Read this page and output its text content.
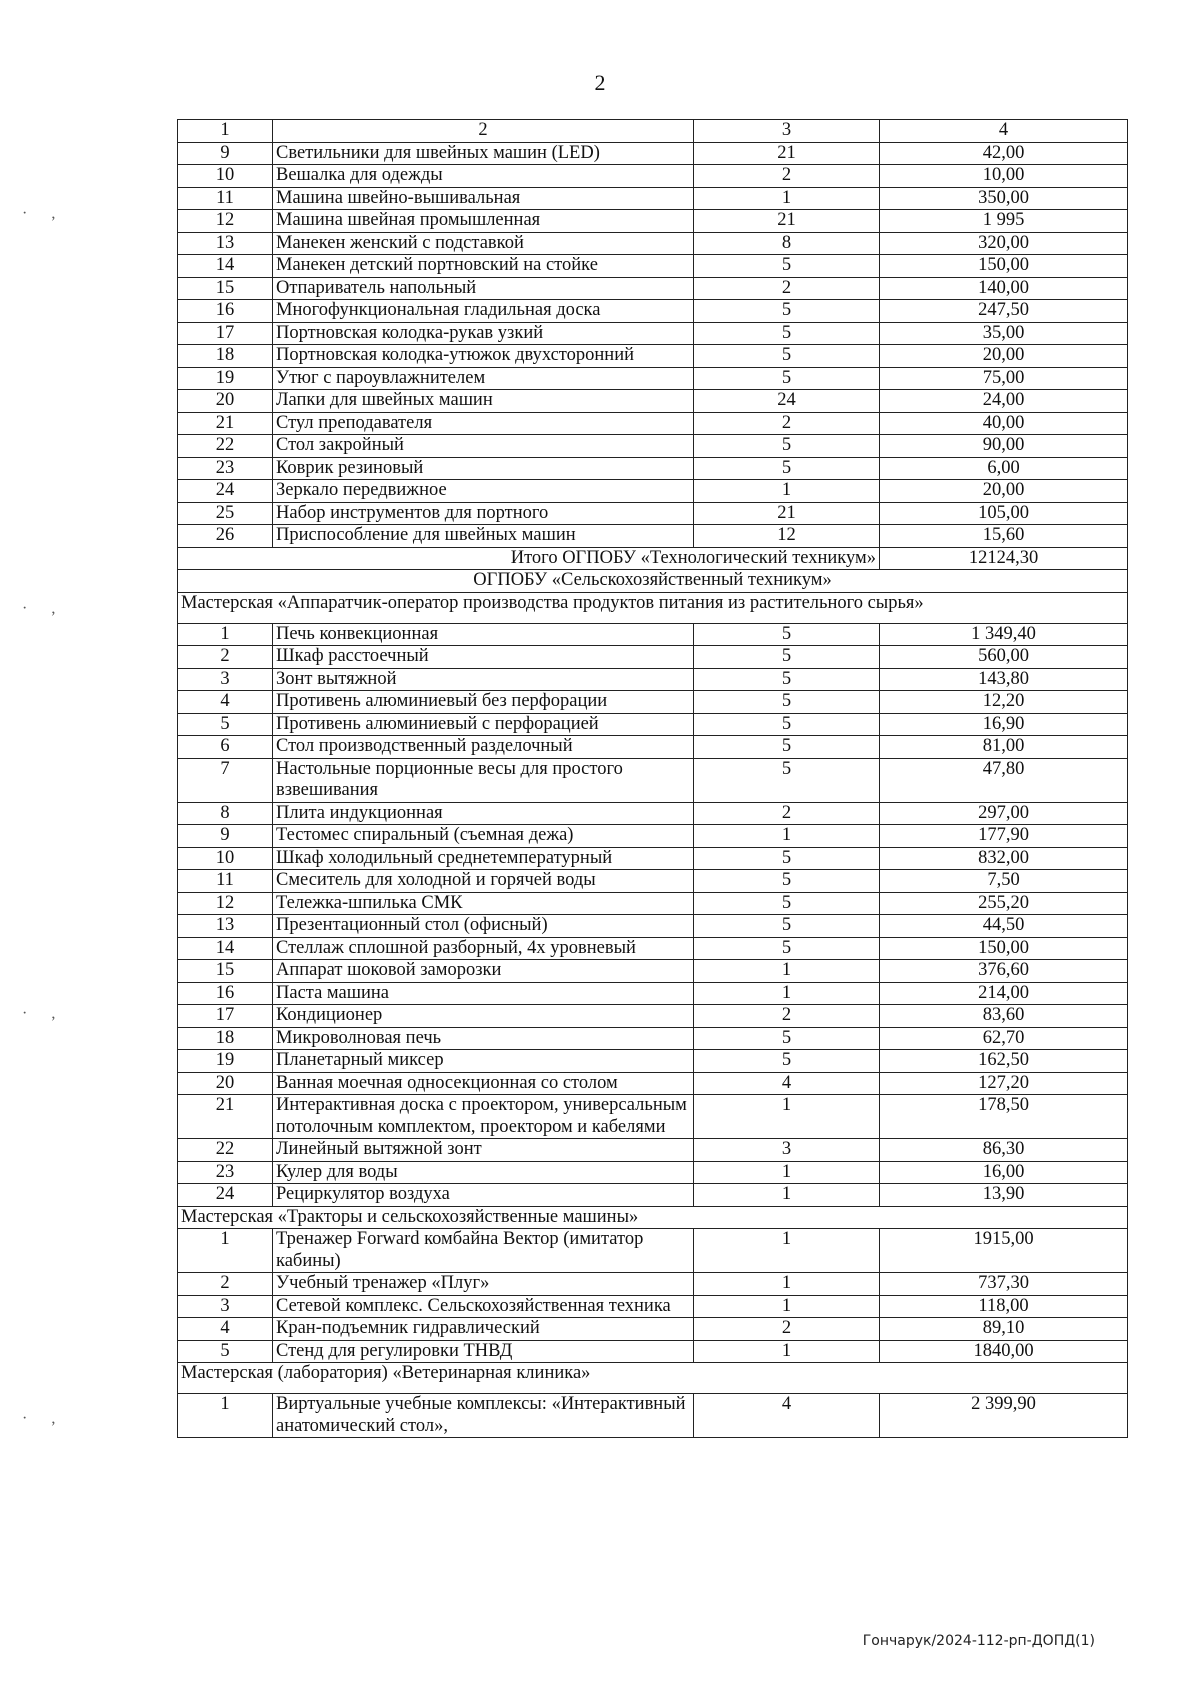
2
1	2	3	4
9	Светильники для швейных машин (LED)	21	42,00
10	Вешалка для одежды	2	10,00
11	Машина швейно-вышивальная	1	350,00
12	Машина швейная промышленная	21	1 995
13	Манекен женский с подставкой	8	320,00
14	Манекен детский портновский на стойке	5	150,00
15	Отпариватель напольный	2	140,00
16	Многофункциональная гладильная доска	5	247,50
17	Портновская колодка-рукав узкий	5	35,00
18	Портновская колодка-утюжок двухсторонний	5	20,00
19	Утюг с пароувлажнителем	5	75,00
20	Лапки для швейных машин	24	24,00
21	Стул преподавателя	2	40,00
22	Стол закройный	5	90,00
23	Коврик резиновый	5	6,00
24	Зеркало передвижное	1	20,00
25	Набор инструментов для портного	21	105,00
26	Приспособление для швейных машин	12	15,60
Итого ОГПОБУ «Технологический техникум»			12124,30
ОГПОБУ «Сельскохозяйственный техникум»			
Мастерская «Аппаратчик-оператор производства продуктов питания из растительного сырья»			
1	Печь конвекционная	5	1 349,40
2	Шкаф расстоечный	5	560,00
3	Зонт вытяжной	5	143,80
4	Противень алюминиевый без перфорации	5	12,20
5	Противень алюминиевый с перфорацией	5	16,90
6	Стол производственный разделочный	5	81,00
7	Настольные порционные весы для простого взвешивания	5	47,80
8	Плита индукционная	2	297,00
9	Тестомес спиральный (съемная дежа)	1	177,90
10	Шкаф холодильный среднетемпературный	5	832,00
11	Смеситель для холодной и горячей воды	5	7,50
12	Тележка-шпилька СМК	5	255,20
13	Презентационный стол (офисный)	5	44,50
14	Стеллаж сплошной разборный, 4х уровневый	5	150,00
15	Аппарат шоковой заморозки	1	376,60
16	Паста машина	1	214,00
17	Кондиционер	2	83,60
18	Микроволновая печь	5	62,70
19	Планетарный миксер	5	162,50
20	Ванная моечная односекционная со столом	4	127,20
21	Интерактивная доска с проектором, универсальным потолочным комплектом, проектором и кабелями	1	178,50
22	Линейный вытяжной зонт	3	86,30
23	Кулер для воды	1	16,00
24	Рециркулятор воздуха	1	13,90
Мастерская «Тракторы и сельскохозяйственные машины»			
1	Тренажер Forward комбайна Вектор (имитатор кабины)	1	1915,00
2	Учебный тренажер «Плуг»	1	737,30
3	Сетевой комплекс. Сельскохозяйственная техника	1	118,00
4	Кран-подъемник гидравлический	2	89,10
5	Стенд для регулировки ТНВД	1	1840,00
Мастерская (лаборатория) «Ветеринарная клиника»			
1	Виртуальные учебные комплексы: «Интерактивный анатомический стол»,	4	2 399,90
· ,
· ,
· ,
· ,
Гончарук/2024-112-рп-ДОПД(1)
